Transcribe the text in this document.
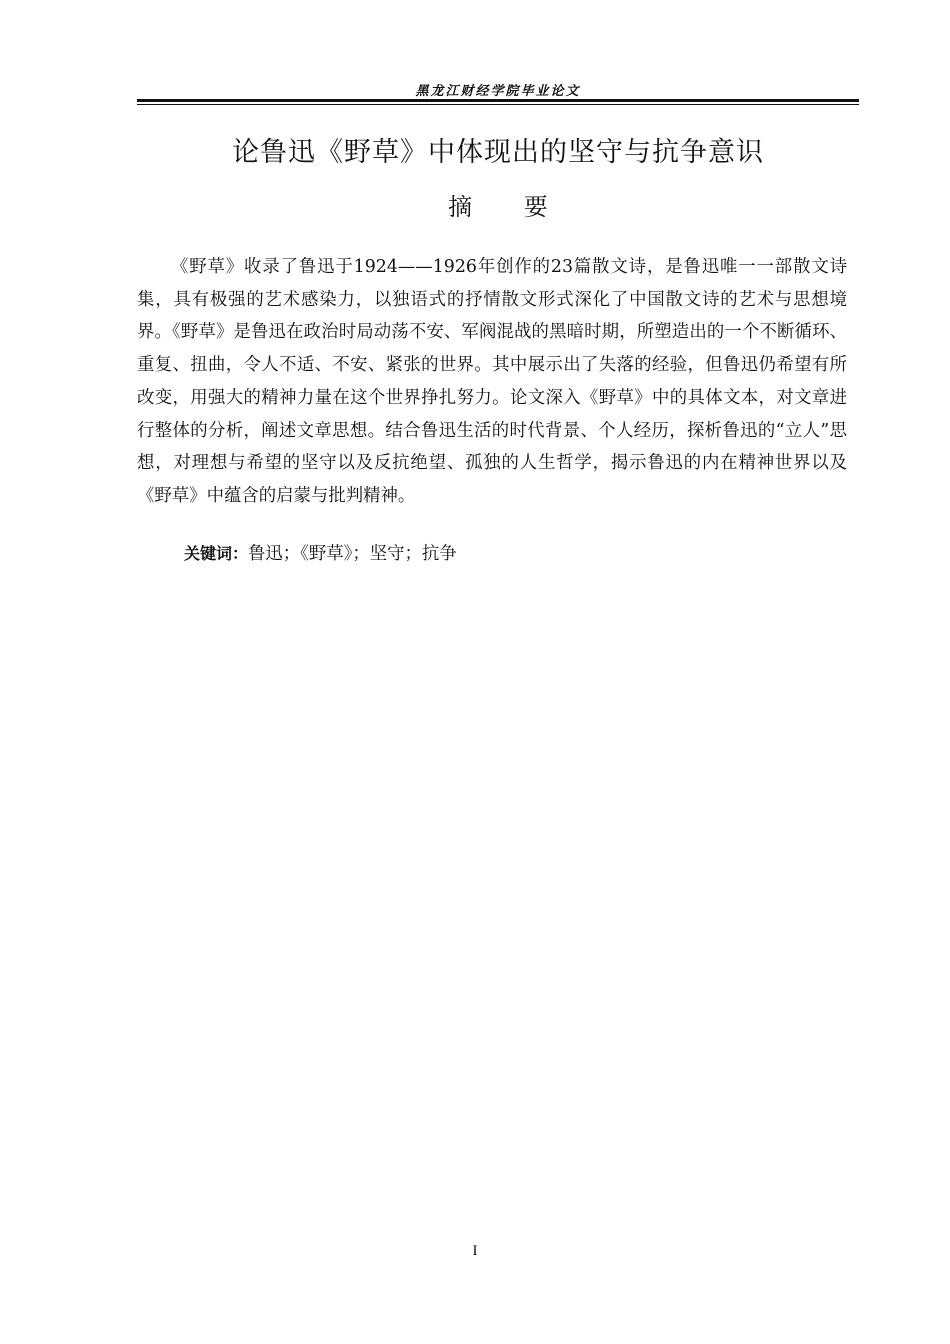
黑龙江财经学院毕业论文
论鲁迅《野草》中体现出的坚守与抗争意识
摘 要

《野草》收录了鲁迅于1924——1926年创作的23篇散文诗，是鲁迅唯一一部散文诗集，具有极强的艺术感染力，以独语式的抒情散文形式深化了中国散文诗的艺术与思想境界。《野草》是鲁迅在政治时局动荡不安、军阀混战的黑暗时期，所塑造出的一个不断循环、重复、扭曲，令人不适、不安、紧张的世界。其中展示出了失落的经验，但鲁迅仍希望有所改变，用强大的精神力量在这个世界挣扎努力。论文深入《野草》中的具体文本，对文章进行整体的分析，阐述文章思想。结合鲁迅生活的时代背景、个人经历，探析鲁迅的“立人”思想，对理想与希望的坚守以及反抗绝望、孤独的人生哲学，揭示鲁迅的内在精神世界以及《野草》中蕴含的启蒙与批判精神。

关键词：鲁迅；《野草》；坚守；抗争
I
